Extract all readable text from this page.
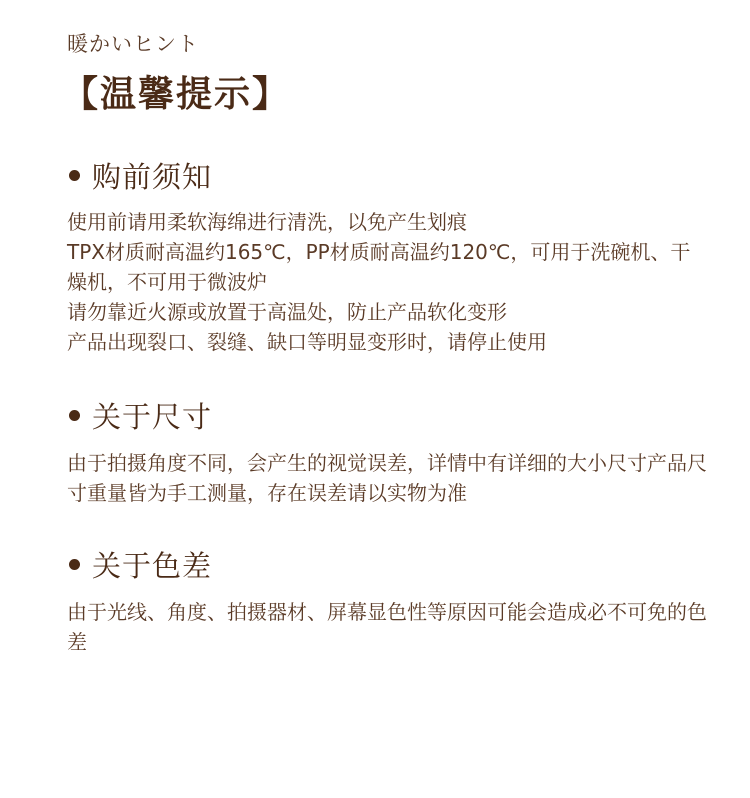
暖かいヒント
【温馨提示】
购前须知
使用前请用柔软海绵进行清洗，以免产生划痕
TPX材质耐高温约165℃，PP材质耐高温约120℃，可用于洗碗机、干燥机，不可用于微波炉
请勿靠近火源或放置于高温处，防止产品软化变形
产品出现裂口、裂缝、缺口等明显变形时，请停止使用
关于尺寸
由于拍摄角度不同，会产生的视觉误差，详情中有详细的大小尺寸产品尺寸重量皆为手工测量，存在误差请以实物为准
关于色差
由于光线、角度、拍摄器材、屏幕显色性等原因可能会造成必不可免的色差
